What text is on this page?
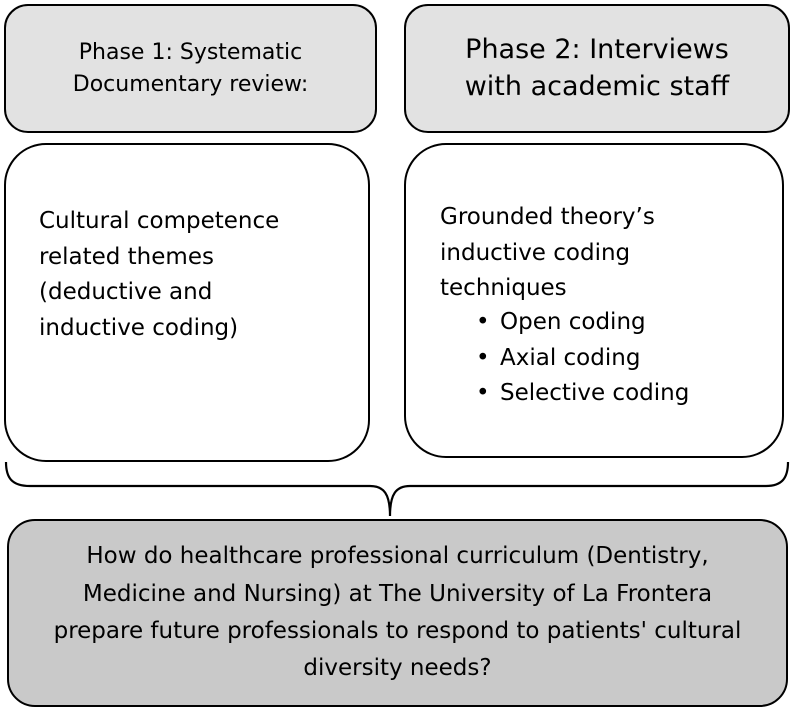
Phase 1: Systematic
Documentary review:
Phase 2: Interviews
with academic staff
Cultural competence
related themes
(deductive and
inductive coding)
Grounded theory’s
inductive coding
techniques
• Open coding
• Axial coding
• Selective coding
How do healthcare professional curriculum (Dentistry,
Medicine and Nursing) at The University of La Frontera
prepare future professionals to respond to patients' cultural
diversity needs?
